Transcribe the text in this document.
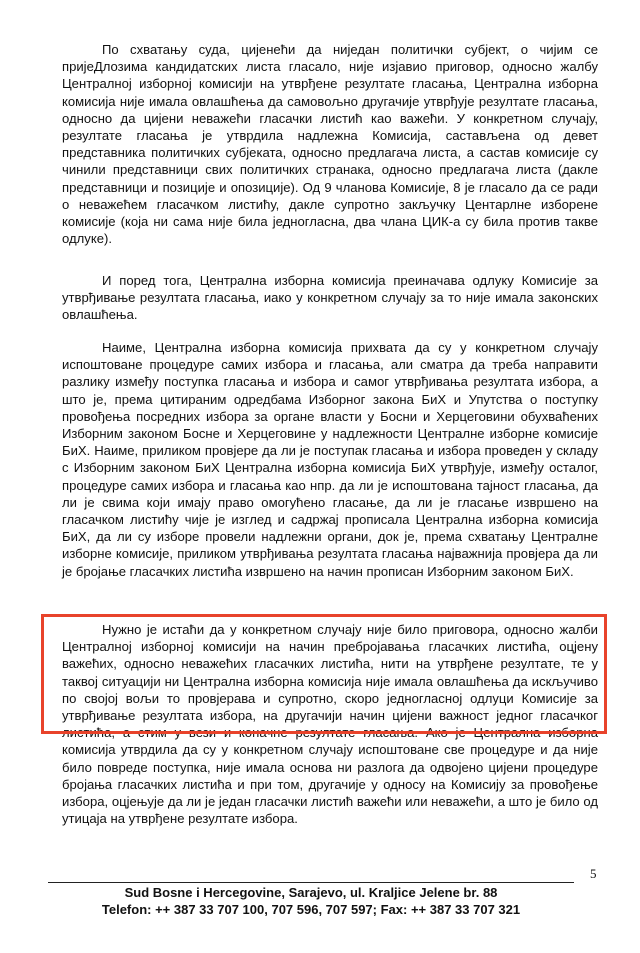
По схватању суда, цијенећи да ниједан политички субјект, о чијим се пријеДлозима кандидатских листа гласало, није изјавио приговор, односно жалбу Централној изборној комисији на утврђене резултате гласања, Централна изборна комисија није имала овлашћења да самовољно другачије утврђује резултате гласања, односно да цијени неважећи гласачки листић као важећи. У конкретном случају, резултате гласања је утврдила надлежна Комисија, састављена од девет представника политичких субјеката, односно предлагача листа, а састав комисије су чинили представници свих политичких странака, односно предлагача листа (дакле представници и позиције и опозиције). Од 9 чланова Комисије, 8 је гласало да се ради о неважећем гласачком листићу, дакле супротно закључку Центарлне изборене комисије (која ни сама није била једногласна, два члана ЦИК-а су била против такве одлуке).

И поред тога, Централна изборна комисија преиначава одлуку Комисије за утврђивање резултата гласања, иако у конкретном случају за то није имала законских овлашћења.

Наиме, Централна изборна комисија прихвата да су у конкретном случају испоштоване процедуре самих избора и гласања, али сматра да треба направити разлику између поступка гласања и избора и самог утврђивања резултата избора, а што је, према цитираним одредбама Изборног закона БиХ и Упутства о поступку провођења посредних избора за органе власти у Босни и Херцеговини обухваћених Изборним законом Босне и Херцеговине у надлежности Централне изборне комисије БиХ. Наиме, приликом провјере да ли је поступак гласања и избора проведен у складу с Изборним законом БиХ Централна изборна комисија БиХ утврђује, између осталог, процедуре самих избора и гласања као нпр. да ли је испоштована тајност гласања, да ли је свима који имају право омогућено гласање, да ли је гласање извршено на гласачком листићу чије је изглед и садржај прописала Централна изборна комисија БиХ, да ли су изборе провели надлежни органи, док је, према схватању Централне изборне комисије, приликом утврђивања резултата гласања најважнија провјера да ли је бројање гласачких листића извршено на начин прописан Изборним законом БиХ.

Нужно је истаћи да у конкретном случају није било приговора, односно жалби Централној изборној комисији на начин пребројавања гласачких листића, оцјену важећих, односно неважећих гласачких листића, нити на утврђене резултате, те у таквој ситуацији ни Централна изборна комисија није имала овлашћења да искључиво по својој вољи то провјерава и супротно, скоро једногласној одлуци Комисије за утврђивање резултата избора, на другачији начин цијени важност једног гласачког листића, а стим у вези и коначне резултате гласања. Ако је Централна изборна комисија утврдила да су у конкретном случају испоштоване све процедуре и да није било повреде поступка, није имала основа ни разлога да одвојено цијени процедуре бројања гласачких листића и при том, другачије у односу на Комисију за провођење избора, оцјењује да ли је један гласачки листић важећи или неважећи, а што је било од утицаја на утврђене резултате избора.

5
Sud Bosne i Hercegovine, Sarajevo, ul. Kraljice Jelene br. 88
Telefon: ++ 387 33 707 100, 707 596, 707 597; Fax: ++ 387 33 707 321
